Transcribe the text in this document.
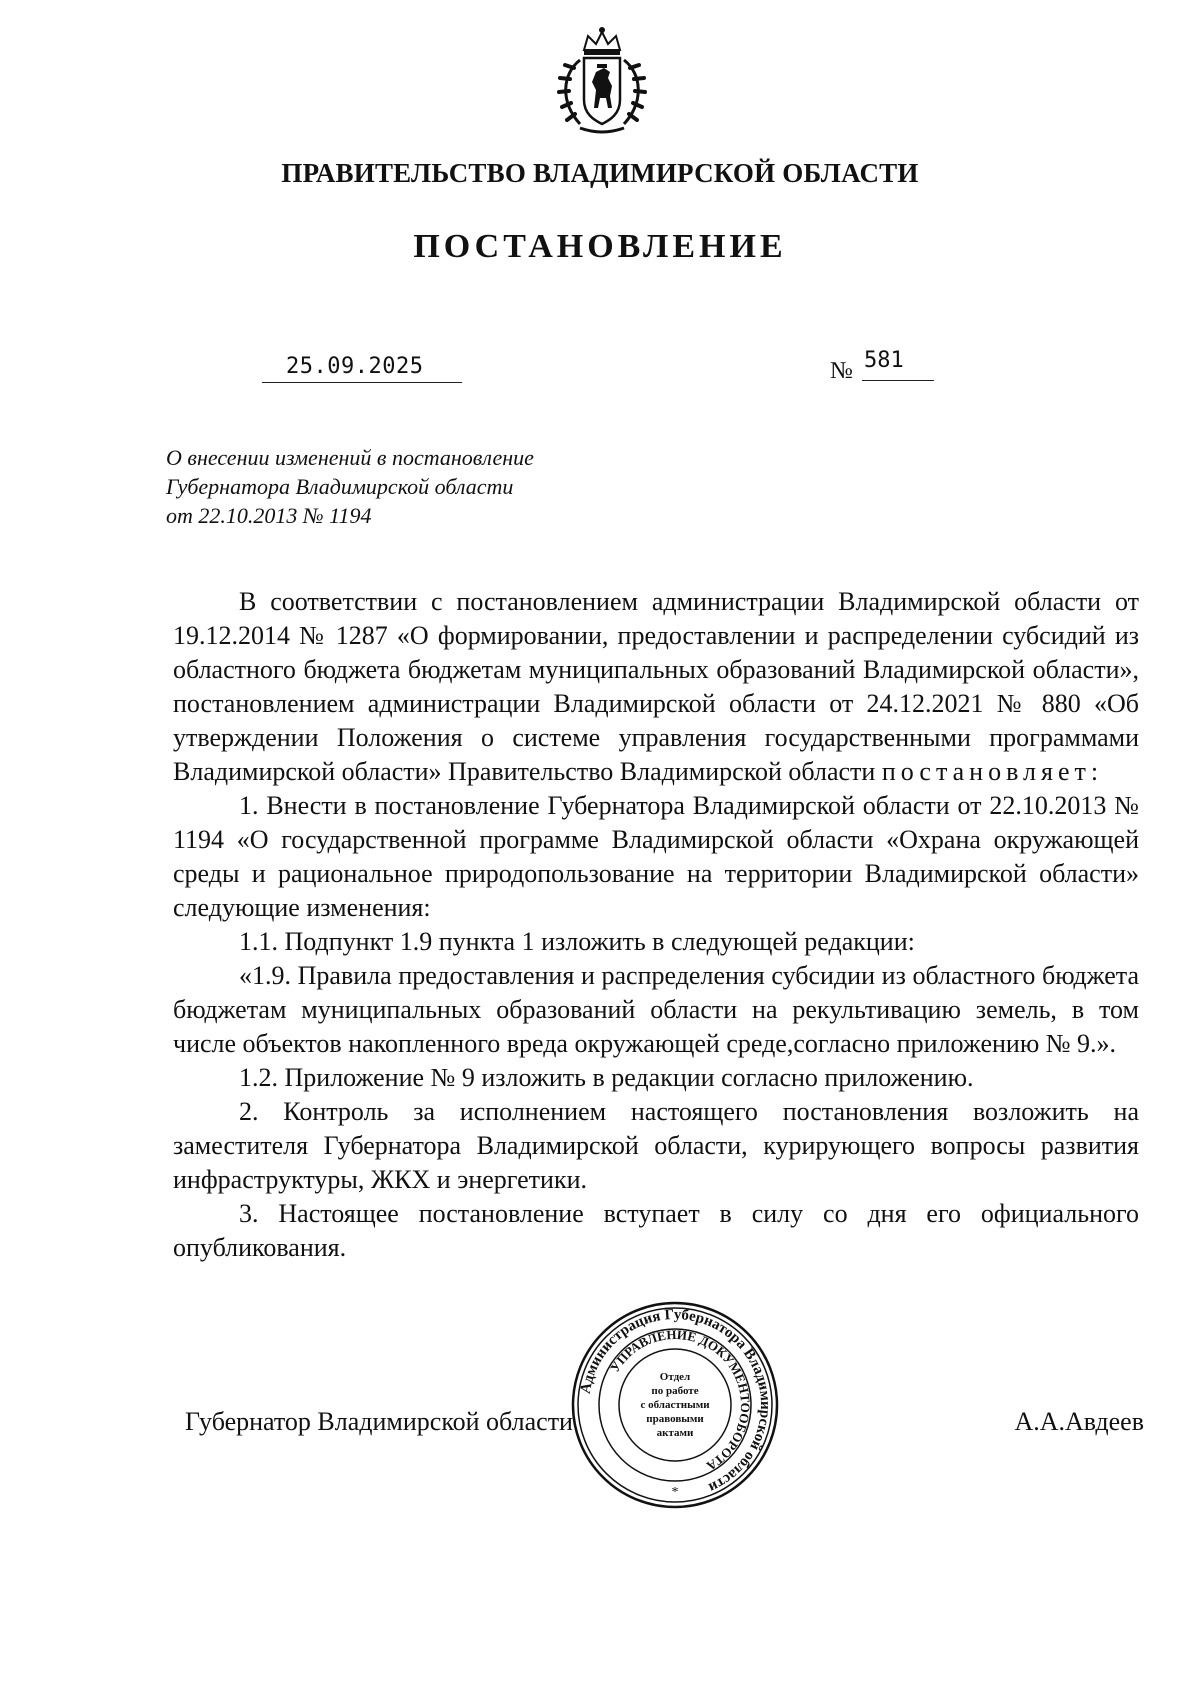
ПРАВИТЕЛЬСТВО ВЛАДИМИРСКОЙ ОБЛАСТИ
ПОСТАНОВЛЕНИЕ
25.09.2025	№ 581
О внесении изменений в постановление
Губернатора Владимирской области
от 22.10.2013 № 1194

В соответствии с постановлением администрации Владимирской области от 19.12.2014 № 1287 «О формировании, предоставлении и распределении субсидий из областного бюджета бюджетам муниципальных образований Владимирской области», постановлением администрации Владимирской области от 24.12.2021 № 880 «Об утверждении Положения о системе управления государственными программами Владимирской области» Правительство Владимирской области постановляет:

1. Внести в постановление Губернатора Владимирской области от 22.10.2013 № 1194 «О государственной программе Владимирской области «Охрана окружающей среды и рациональное природопользование на территории Владимирской области» следующие изменения:

1.1. Подпункт 1.9 пункта 1 изложить в следующей редакции:

«1.9. Правила предоставления и распределения субсидии из областного бюджета бюджетам муниципальных образований области на рекультивацию земель, в том числе объектов накопленного вреда окружающей среде,согласно приложению № 9.».

1.2. Приложение № 9 изложить в редакции согласно приложению.

2. Контроль за исполнением настоящего постановления возложить на заместителя Губернатора Владимирской области, курирующего вопросы развития инфраструктуры, ЖКХ и энергетики.

3. Настоящее постановление вступает в силу со дня его официального опубликования.

Губернатор Владимирской области	А.А.Авдеев
Администрация Губернатора Владимирской области
УПРАВЛЕНИЕ ДОКУМЕНТООБОРОТА
Отдел
по работе
с областными
правовыми
актами
*
